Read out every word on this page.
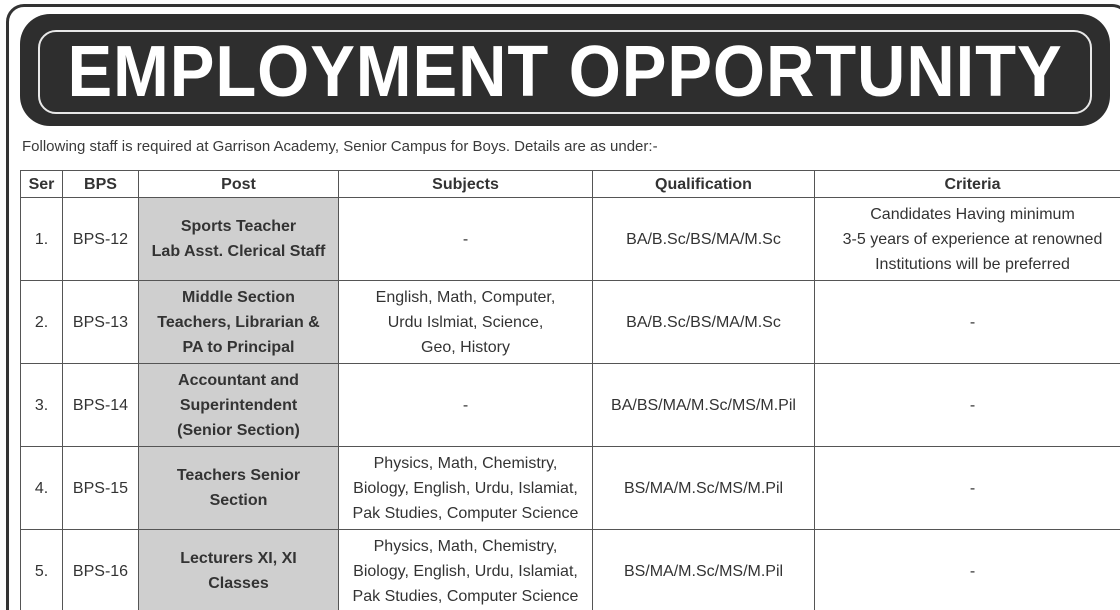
EMPLOYMENT OPPORTUNITY
Following staff is required at Garrison Academy, Senior Campus for Boys. Details are as under:-
Ser	BPS	Post	Subjects	Qualification	Criteria
1.	BPS-12	Sports Teacher
Lab Asst. Clerical Staff	-	BA/B.Sc/BS/MA/M.Sc	Candidates Having minimum
3-5 years of experience at renowned
Institutions will be preferred

2.	BPS-13	Middle Section
Teachers, Librarian &
PA to Principal	English, Math, Computer,
Urdu Islmiat, Science,
Geo, History	BA/B.Sc/BS/MA/M.Sc	-

3.	BPS-14	Accountant and
Superintendent
(Senior Section)	-	BA/BS/MA/M.Sc/MS/M.Pil	-

4.	BPS-15	Teachers Senior
Section	Physics, Math, Chemistry,
Biology, English, Urdu, Islamiat,
Pak Studies, Computer Science	BS/MA/M.Sc/MS/M.Pil	-

5.	BPS-16	Lecturers XI, XI
Classes	Physics, Math, Chemistry,
Biology, English, Urdu, Islamiat,
Pak Studies, Computer Science	BS/MA/M.Sc/MS/M.Pil	-
